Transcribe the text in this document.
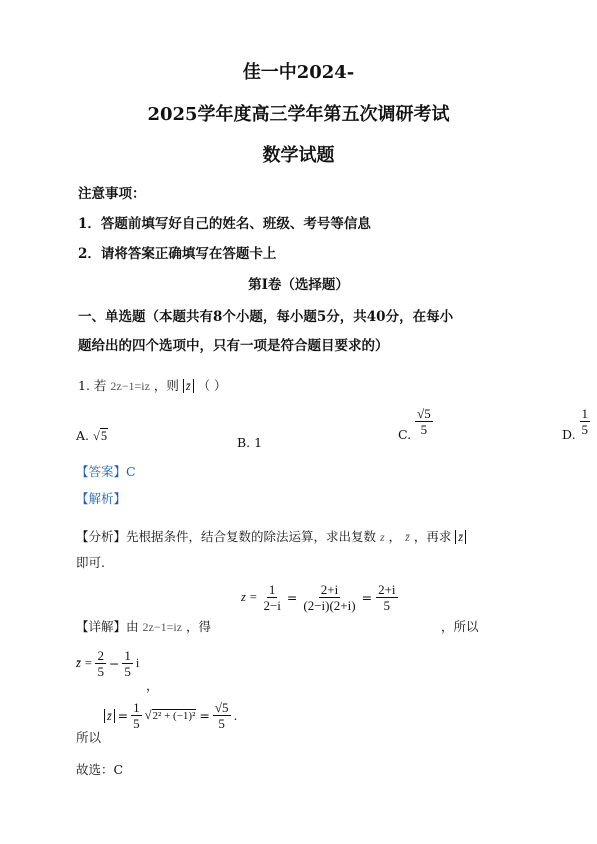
佳一中2024-
2025学年度高三学年第五次调研考试
数学试题
注意事项：
1．答题前填写好自己的姓名、班级、考号等信息
2．请将答案正确填写在答题卡上
第I卷（选择题）
一、单选题（本题共有8个小题，每小题5分，共40分，在每小
题给出的四个选项中，只有一项是符合题目要求的）
1. 若 2z−1=iz ，则 z̄ （ ）
A. √5	B. 1
C. $\frac{√5}{5}$	D. $\frac{1}{5}$
【答案】C
【解析】
【分析】先根据条件，结合复数的除法运算，求出复数 z ， z̄ ，再求 z̄
即可.
【详解】由 2z−1=iz ，得
$z = \frac{1}{2-i} = \frac{2+i}{(2-i)(2+i)} = \frac{2+i}{5}$
，所以
z̄ = $\frac{2}{5} - \frac{1}{5}$ i
，
所以
z̄ = $\frac{1}{5} √2^2 + (-1)^2 = \frac{√5}{5}$ .
故选：C
